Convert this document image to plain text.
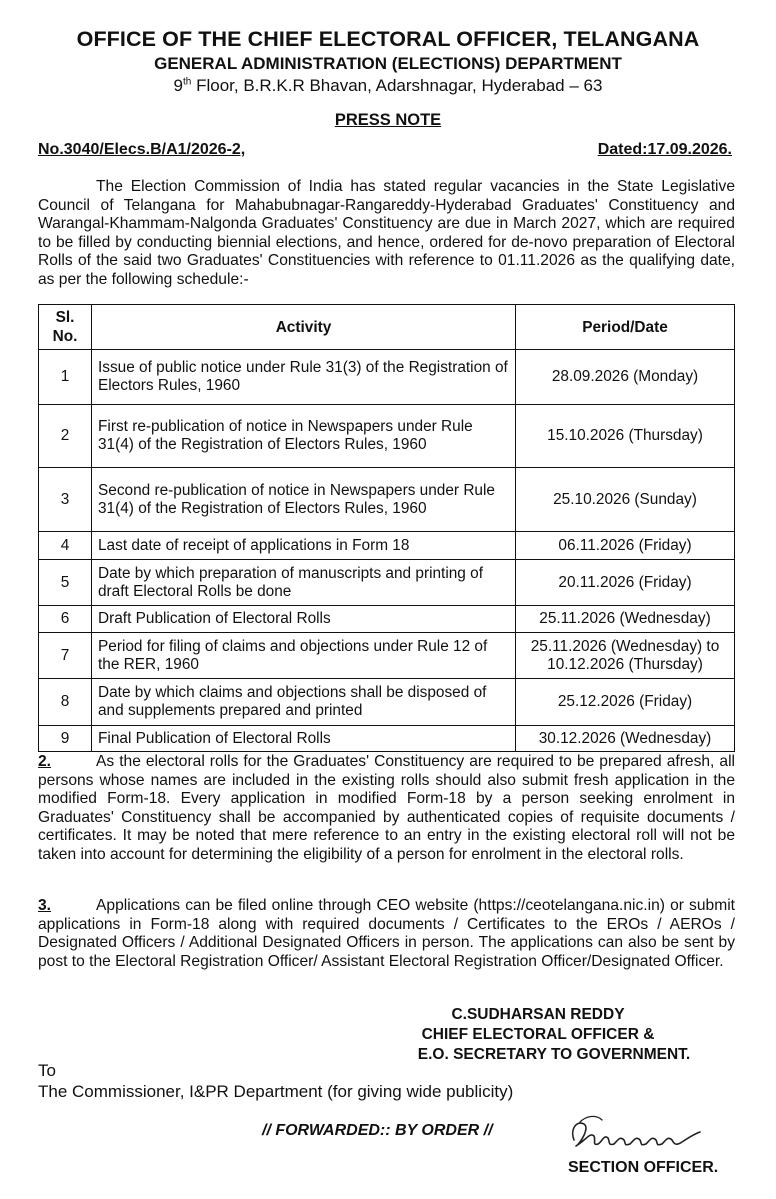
OFFICE OF THE CHIEF ELECTORAL OFFICER, TELANGANA
GENERAL ADMINISTRATION (ELECTIONS) DEPARTMENT
9th Floor, B.R.K.R Bhavan, Adarshnagar, Hyderabad – 63
PRESS NOTE
No.3040/Elecs.B/A1/2026-2,	Dated:17.09.2026.
The Election Commission of India has stated regular vacancies in the State Legislative Council of Telangana for Mahabubnagar-Rangareddy-Hyderabad Graduates' Constituency and Warangal-Khammam-Nalgonda Graduates' Constituency are due in March 2027, which are required to be filled by conducting biennial elections, and hence, ordered for de-novo preparation of Electoral Rolls of the said two Graduates' Constituencies with reference to 01.11.2026 as the qualifying date, as per the following schedule:-
Sl. No.	Activity	Period/Date
1	Issue of public notice under Rule 31(3) of the Registration of Electors Rules, 1960	28.09.2026 (Monday)
2	First re-publication of notice in Newspapers under Rule 31(4) of the Registration of Electors Rules, 1960	15.10.2026 (Thursday)
3	Second re-publication of notice in Newspapers under Rule 31(4) of the Registration of Electors Rules, 1960	25.10.2026 (Sunday)
4	Last date of receipt of applications in Form 18	06.11.2026 (Friday)
5	Date by which preparation of manuscripts and printing of draft Electoral Rolls be done	20.11.2026 (Friday)
6	Draft Publication of Electoral Rolls	25.11.2026 (Wednesday)
7	Period for filing of claims and objections under Rule 12 of the RER, 1960	25.11.2026 (Wednesday) to 10.12.2026 (Thursday)
8	Date by which claims and objections shall be disposed of and supplements prepared and printed	25.12.2026 (Friday)
9	Final Publication of Electoral Rolls	30.12.2026 (Wednesday)
2.	As the electoral rolls for the Graduates' Constituency are required to be prepared afresh, all persons whose names are included in the existing rolls should also submit fresh application in the modified Form-18. Every application in modified Form-18 by a person seeking enrolment in Graduates' Constituency shall be accompanied by authenticated copies of requisite documents / certificates. It may be noted that mere reference to an entry in the existing electoral roll will not be taken into account for determining the eligibility of a person for enrolment in the electoral rolls.
3.	Applications can be filed online through CEO website (https://ceotelangana.nic.in) or submit applications in Form-18 along with required documents / Certificates to the EROs / AEROs / Designated Officers / Additional Designated Officers in person. The applications can also be sent by post to the Electoral Registration Officer/ Assistant Electoral Registration Officer/Designated Officer.
C.SUDHARSAN REDDY
CHIEF ELECTORAL OFFICER &
E.O. SECRETARY TO GOVERNMENT.
To
The Commissioner, I&PR Department (for giving wide publicity)
// FORWARDED:: BY ORDER //
SECTION OFFICER.
